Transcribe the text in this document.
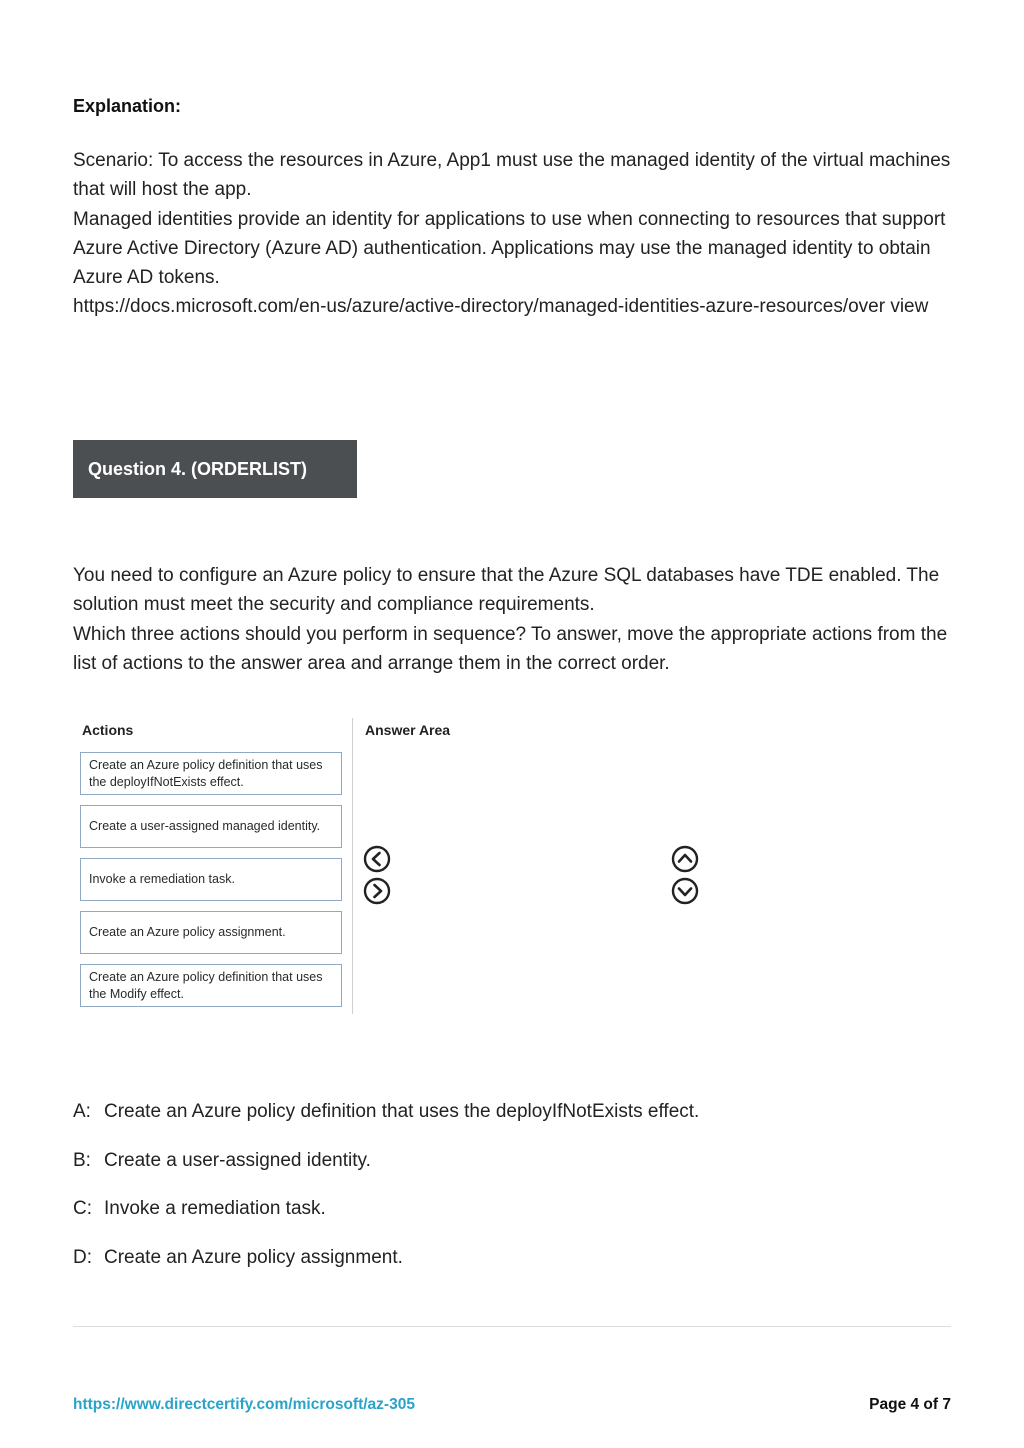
Explanation:

Scenario: To access the resources in Azure, App1 must use the managed identity of the virtual machines that will host the app.

Managed identities provide an identity for applications to use when connecting to resources that support Azure Active Directory (Azure AD) authentication. Applications may use the managed identity to obtain Azure AD tokens.

https://docs.microsoft.com/en-us/azure/active-directory/managed-identities-azure-resources/over view

Question 4. (ORDERLIST)

You need to configure an Azure policy to ensure that the Azure SQL databases have TDE enabled. The solution must meet the security and compliance requirements.

Which three actions should you perform in sequence? To answer, move the appropriate actions from the list of actions to the answer area and arrange them in the correct order.

Actions	Answer Area
Create an Azure policy definition that uses the deployIfNotExists effect.
Create a user-assigned managed identity.
Invoke a remediation task.
Create an Azure policy assignment.
Create an Azure policy definition that uses the Modify effect.
A: Create an Azure policy definition that uses the deployIfNotExists effect.
B: Create a user-assigned identity.
C: Invoke a remediation task.
D: Create an Azure policy assignment.
https://www.directcertify.com/microsoft/az-305	Page 4 of 7
